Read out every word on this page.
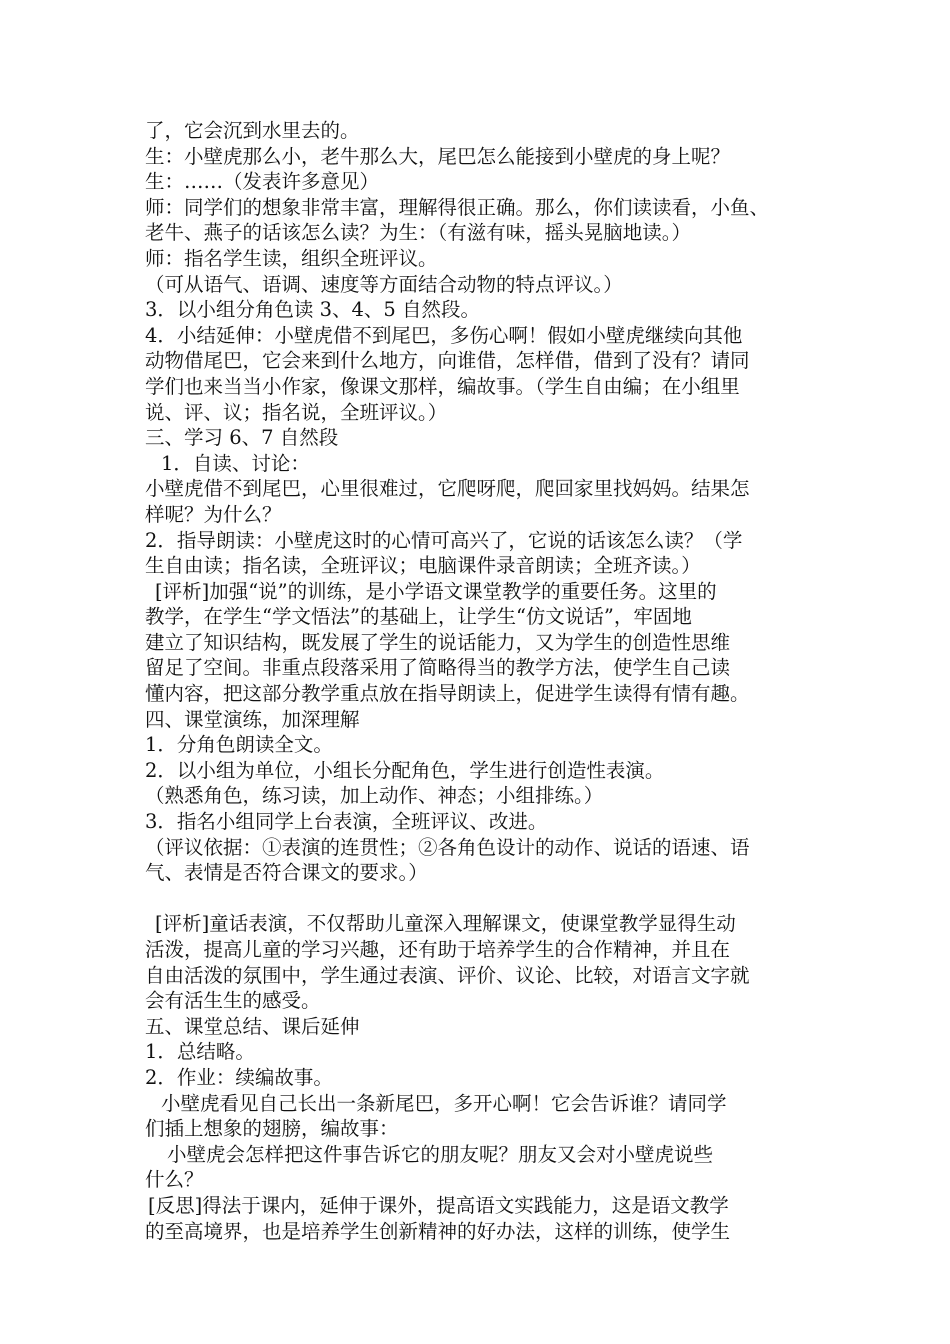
了，它会沉到水里去的。
生：小壁虎那么小，老牛那么大，尾巴怎么能接到小壁虎的身上呢？
生：……（发表许多意见）
师：同学们的想象非常丰富，理解得很正确。那么，你们读读看，小鱼、
老牛、燕子的话该怎么读？为生：（有滋有味，摇头晃脑地读。）
师：指名学生读，组织全班评议。
（可从语气、语调、速度等方面结合动物的特点评议。）
3．以小组分角色读 3、4、5 自然段。
4．小结延伸：小壁虎借不到尾巴，多伤心啊！假如小壁虎继续向其他
动物借尾巴，它会来到什么地方，向谁借，怎样借，借到了没有？请同
学们也来当当小作家，像课文那样，编故事。（学生自由编；在小组里
说、评、议；指名说，全班评议。）
三、学习 6、7 自然段
1．自读、讨论：
小壁虎借不到尾巴，心里很难过，它爬呀爬，爬回家里找妈妈。结果怎
样呢？为什么？
2．指导朗读：小壁虎这时的心情可高兴了，它说的话该怎么读？（学
生自由读；指名读，全班评议；电脑课件录音朗读；全班齐读。）
[评析]加强“说”的训练，是小学语文课堂教学的重要任务。这里的
教学，在学生“学文悟法”的基础上，让学生“仿文说话”，牢固地
建立了知识结构，既发展了学生的说话能力，又为学生的创造性思维
留足了空间。非重点段落采用了简略得当的教学方法，使学生自己读
懂内容，把这部分教学重点放在指导朗读上，促进学生读得有情有趣。
四、课堂演练，加深理解
1．分角色朗读全文。
2．以小组为单位，小组长分配角色，学生进行创造性表演。
（熟悉角色，练习读，加上动作、神态；小组排练。）
3．指名小组同学上台表演，全班评议、改进。
（评议依据：①表演的连贯性；②各角色设计的动作、说话的语速、语
气、表情是否符合课文的要求。）
[评析]童话表演，不仅帮助儿童深入理解课文，使课堂教学显得生动
活泼，提高儿童的学习兴趣，还有助于培养学生的合作精神，并且在
自由活泼的氛围中，学生通过表演、评价、议论、比较，对语言文字就
会有活生生的感受。
五、课堂总结、课后延伸
1．总结略。
2．作业：续编故事。
小壁虎看见自己长出一条新尾巴，多开心啊！它会告诉谁？请同学
们插上想象的翅膀，编故事：
小壁虎会怎样把这件事告诉它的朋友呢？朋友又会对小壁虎说些
什么？
[反思]得法于课内，延伸于课外，提高语文实践能力，这是语文教学
的至高境界，也是培养学生创新精神的好办法，这样的训练，使学生
